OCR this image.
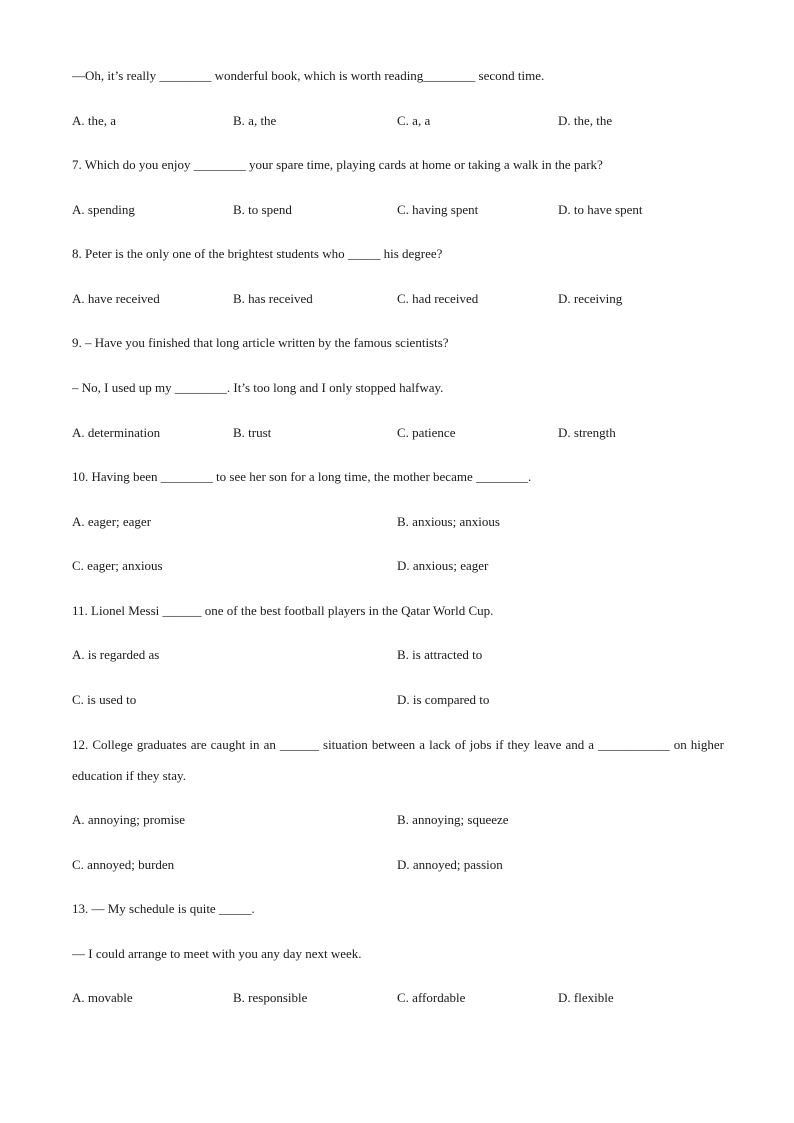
—Oh, it’s really ________ wonderful book, which is worth reading________ second time.
A. the, a	B. a, the	C. a, a	D. the, the
7. Which do you enjoy ________ your spare time, playing cards at home or taking a walk in the park?
A. spending	B. to spend	C. having spent	D. to have spent
8. Peter is the only one of the brightest students who _____ his degree?
A. have received	B. has received	C. had received	D. receiving
9. – Have you finished that long article written by the famous scientists?
– No, I used up my ________. It’s too long and I only stopped halfway.
A. determination	B. trust	C. patience	D. strength
10. Having been ________ to see her son for a long time, the mother became ________.
A. eager; eager	B. anxious; anxious
C. eager; anxious	D. anxious; eager
11. Lionel Messi ______ one of the best football players in the Qatar World Cup.
A. is regarded as	B. is attracted to
C. is used to	D. is compared to
12. College graduates are caught in an ______ situation between a lack of jobs if they leave and a ___________ on higher education if they stay.
A. annoying; promise	B. annoying; squeeze
C. annoyed; burden	D. annoyed; passion
13. — My schedule is quite _____.
— I could arrange to meet with you any day next week.
A. movable	B. responsible	C. affordable	D. flexible
